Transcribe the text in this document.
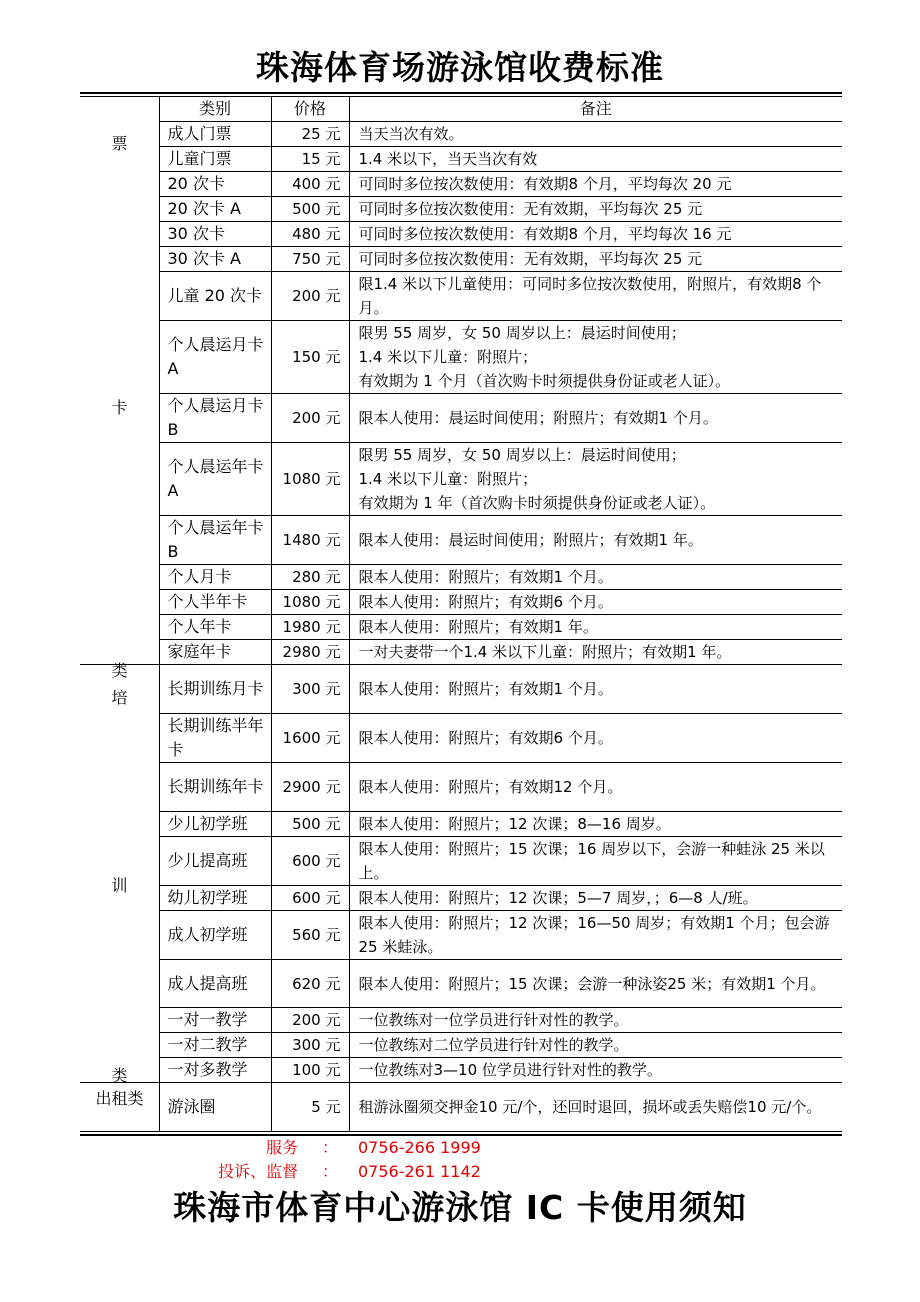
珠海体育场游泳馆收费标准
	类别	价格	备注

票
卡
类	成人门票	25 元	当天当次有效。
	儿童门票	15 元	1.4 米以下，当天当次有效
	20 次卡	400 元	可同时多位按次数使用：有效期8 个月，平均每次 20 元
	20 次卡 A	500 元	可同时多位按次数使用：无有效期，平均每次 25 元
	30 次卡	480 元	可同时多位按次数使用：有效期8 个月，平均每次 16 元
	30 次卡 A	750 元	可同时多位按次数使用：无有效期，平均每次 25 元
	儿童 20 次卡	200 元	限1.4 米以下儿童使用：可同时多位按次数使用，附照片，有效期8 个月。
	个人晨运月卡A	150 元	限男 55 周岁，女 50 周岁以上：晨运时间使用；
1.4 米以下儿童：附照片；
有效期为 1 个月（首次购卡时须提供身份证或老人证）。
	个人晨运月卡B	200 元	限本人使用：晨运时间使用；附照片；有效期1 个月。
	个人晨运年卡A	1080 元	限男 55 周岁，女 50 周岁以上：晨运时间使用；
1.4 米以下儿童：附照片；
有效期为 1 年（首次购卡时须提供身份证或老人证）。
	个人晨运年卡B	1480 元	限本人使用：晨运时间使用；附照片；有效期1 年。
	个人月卡	280 元	限本人使用：附照片；有效期1 个月。
	个人半年卡	1080 元	限本人使用：附照片；有效期6 个月。
	个人年卡	1980 元	限本人使用：附照片；有效期1 年。
	家庭年卡	2980 元	一对夫妻带一个1.4 米以下儿童：附照片；有效期1 年。

培
训
类	长期训练月卡	300 元	限本人使用：附照片；有效期1 个月。
	长期训练半年卡	1600 元	限本人使用：附照片；有效期6 个月。
	长期训练年卡	2900 元	限本人使用：附照片；有效期12 个月。
	少儿初学班	500 元	限本人使用：附照片；12 次课；8—16 周岁。
	少儿提高班	600 元	限本人使用：附照片；15 次课；16 周岁以下，会游一种蛙泳 25 米以上。
	幼儿初学班	600 元	限本人使用：附照片；12 次课；5—7 周岁，；6—8 人/班。
	成人初学班	560 元	限本人使用：附照片；12 次课；16—50 周岁；有效期1 个月；包会游25 米蛙泳。
	成人提高班	620 元	限本人使用：附照片；15 次课；会游一种泳姿25 米；有效期1 个月。
	一对一教学	200 元	一位教练对一位学员进行针对性的教学。
	一对二教学	300 元	一位教练对二位学员进行针对性的教学。
	一对多教学	100 元	一位教练对3—10 位学员进行针对性的教学。

出租类	游泳圈	5 元	租游泳圈须交押金10 元/个，还回时退回，损坏或丢失赔偿10 元/个。
服务 ： 0756-266 1999
投诉、监督 ： 0756-261 1142
珠海市体育中心游泳馆 IC 卡使用须知
